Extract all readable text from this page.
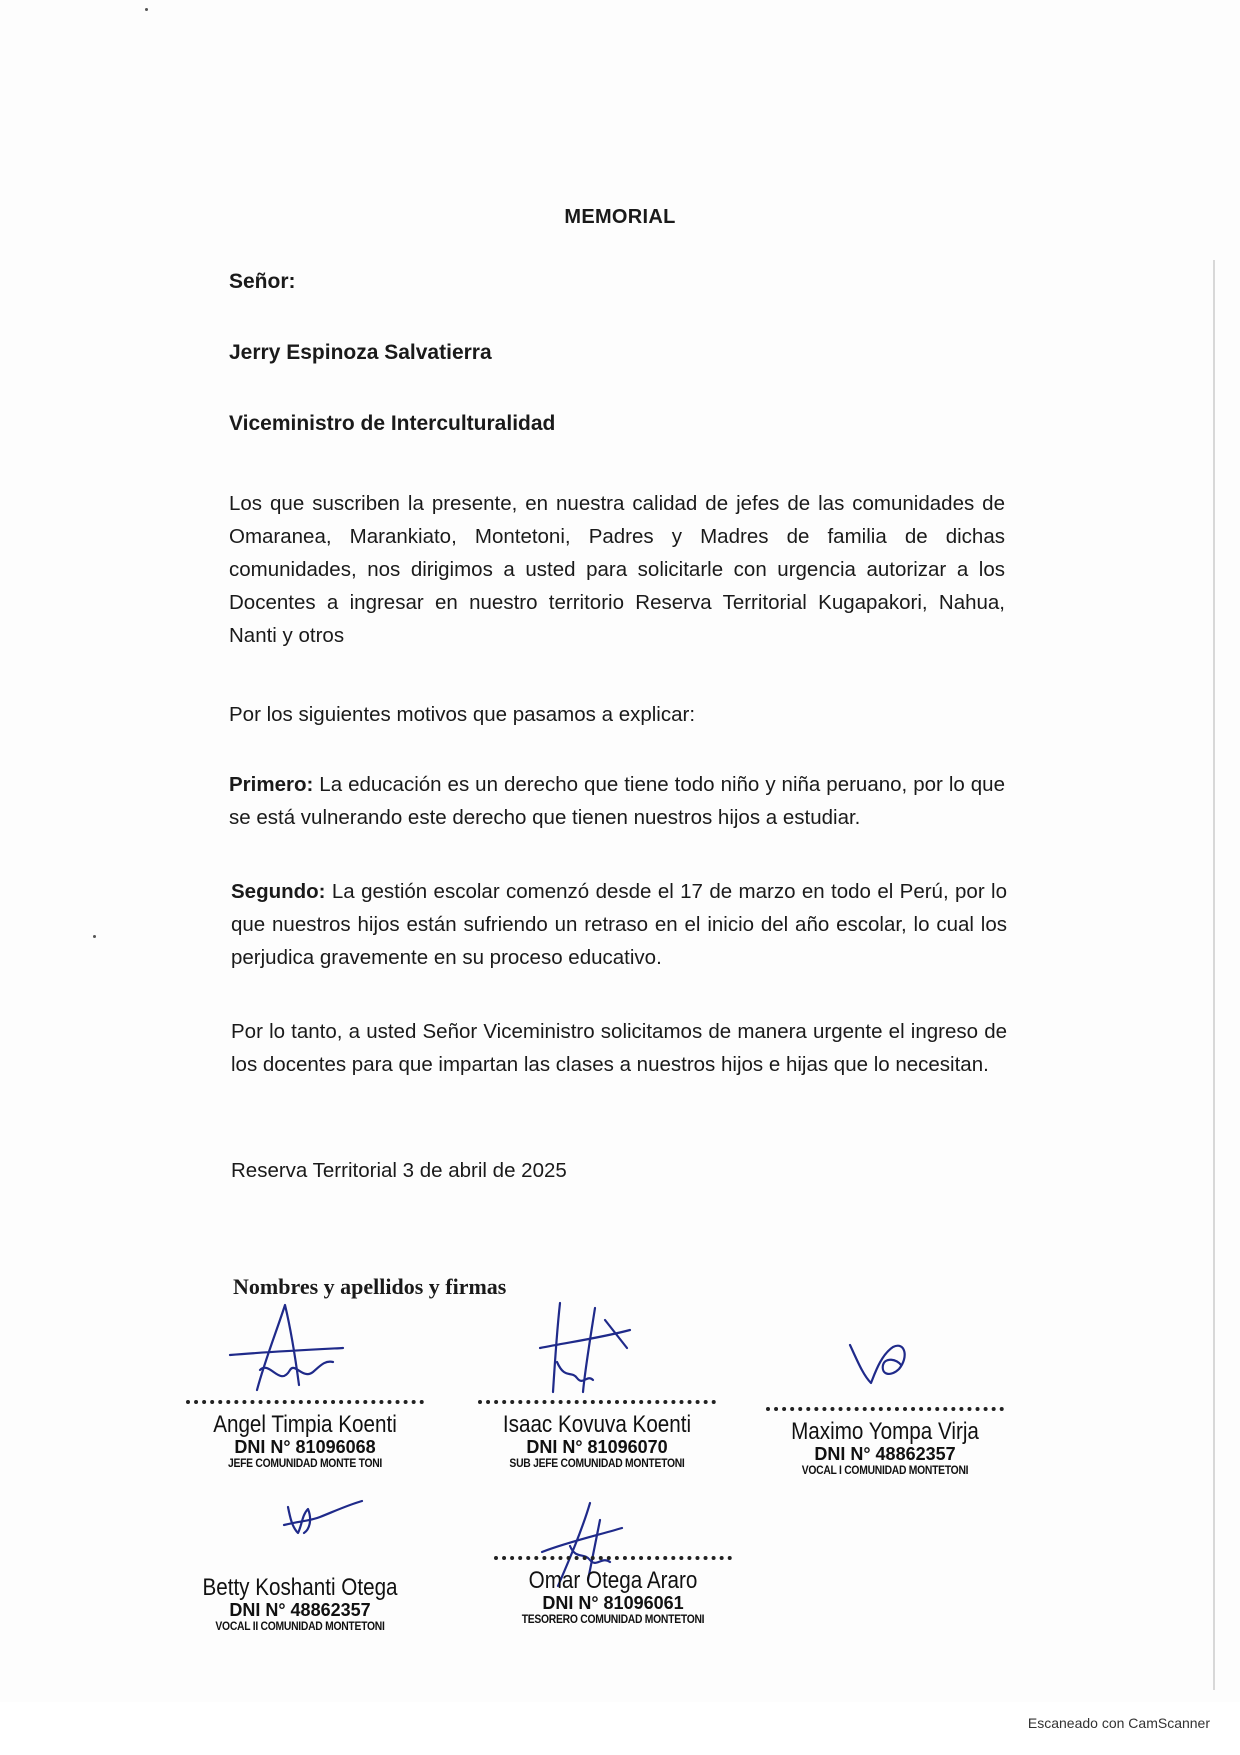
MEMORIAL
Señor:
Jerry Espinoza Salvatierra
Viceministro de Interculturalidad
Los que suscriben la presente, en nuestra calidad de jefes de las comunidades de Omaranea, Marankiato, Montetoni, Padres y Madres de familia de dichas comunidades, nos dirigimos a usted para solicitarle con urgencia autorizar a los Docentes a ingresar en nuestro territorio Reserva Territorial Kugapakori, Nahua, Nanti y otros
Por los siguientes motivos que pasamos a explicar:
Primero: La educación es un derecho que tiene todo niño y niña peruano, por lo que se está vulnerando este derecho que tienen nuestros hijos a estudiar.
Segundo: La gestión escolar comenzó desde el 17 de marzo en todo el Perú, por lo que nuestros hijos están sufriendo un retraso en el inicio del año escolar, lo cual los perjudica gravemente en su proceso educativo.
Por lo tanto, a usted Señor Viceministro solicitamos de manera urgente el ingreso de los docentes para que impartan las clases a nuestros hijos e hijas que lo necesitan.
Reserva Territorial 3 de abril de 2025
Nombres y apellidos y firmas
Angel Timpia Koenti
DNI N° 81096068
JEFE COMUNIDAD MONTE TONI
Isaac Kovuva Koenti
DNI N° 81096070
SUB JEFE COMUNIDAD MONTETONI
Maximo Yompa Virja
DNI N° 48862357
VOCAL I COMUNIDAD MONTETONI
Betty Koshanti Otega
DNI N° 48862357
VOCAL II COMUNIDAD MONTETONI
Omar Otega Araro
DNI N° 81096061
TESORERO COMUNIDAD MONTETONI
Escaneado con CamScanner
